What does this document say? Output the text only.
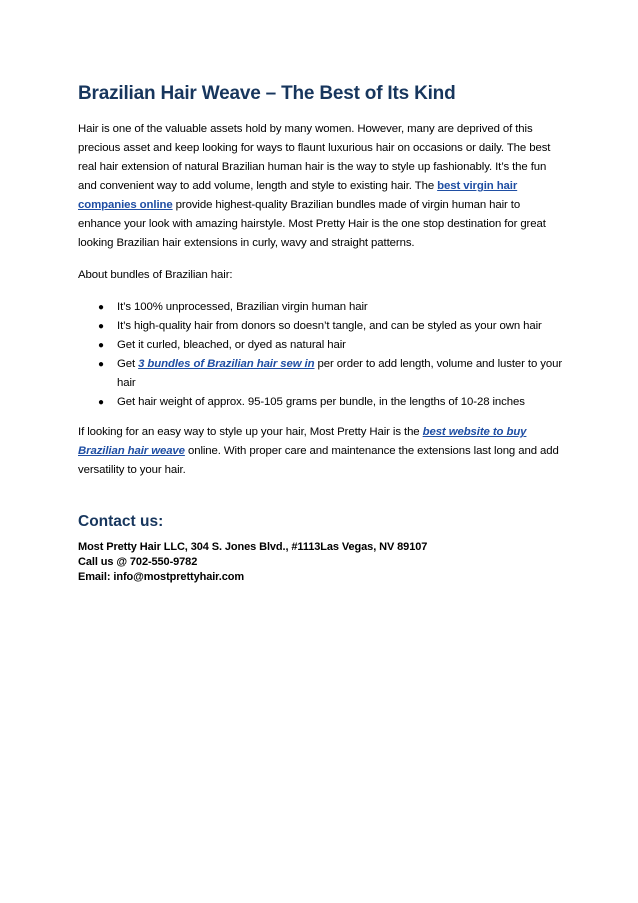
Brazilian Hair Weave – The Best of Its Kind

Hair is one of the valuable assets hold by many women. However, many are deprived of this precious asset and keep looking for ways to flaunt luxurious hair on occasions or daily. The best real hair extension of natural Brazilian human hair is the way to style up fashionably. It’s the fun and convenient way to add volume, length and style to existing hair. The best virgin hair companies online provide highest-quality Brazilian bundles made of virgin human hair to enhance your look with amazing hairstyle. Most Pretty Hair is the one stop destination for great looking Brazilian hair extensions in curly, wavy and straight patterns.

About bundles of Brazilian hair:

● It’s 100% unprocessed, Brazilian virgin human hair
● It’s high-quality hair from donors so doesn’t tangle, and can be styled as your own hair
● Get it curled, bleached, or dyed as natural hair
● Get 3 bundles of Brazilian hair sew in per order to add length, volume and luster to your hair
● Get hair weight of approx. 95-105 grams per bundle, in the lengths of 10-28 inches

If looking for an easy way to style up your hair, Most Pretty Hair is the best website to buy Brazilian hair weave online. With proper care and maintenance the extensions last long and add versatility to your hair.

Contact us:

Most Pretty Hair LLC, 304 S. Jones Blvd., #1113Las Vegas, NV 89107

Call us @ 702-550-9782

Email: info@mostprettyhair.com
